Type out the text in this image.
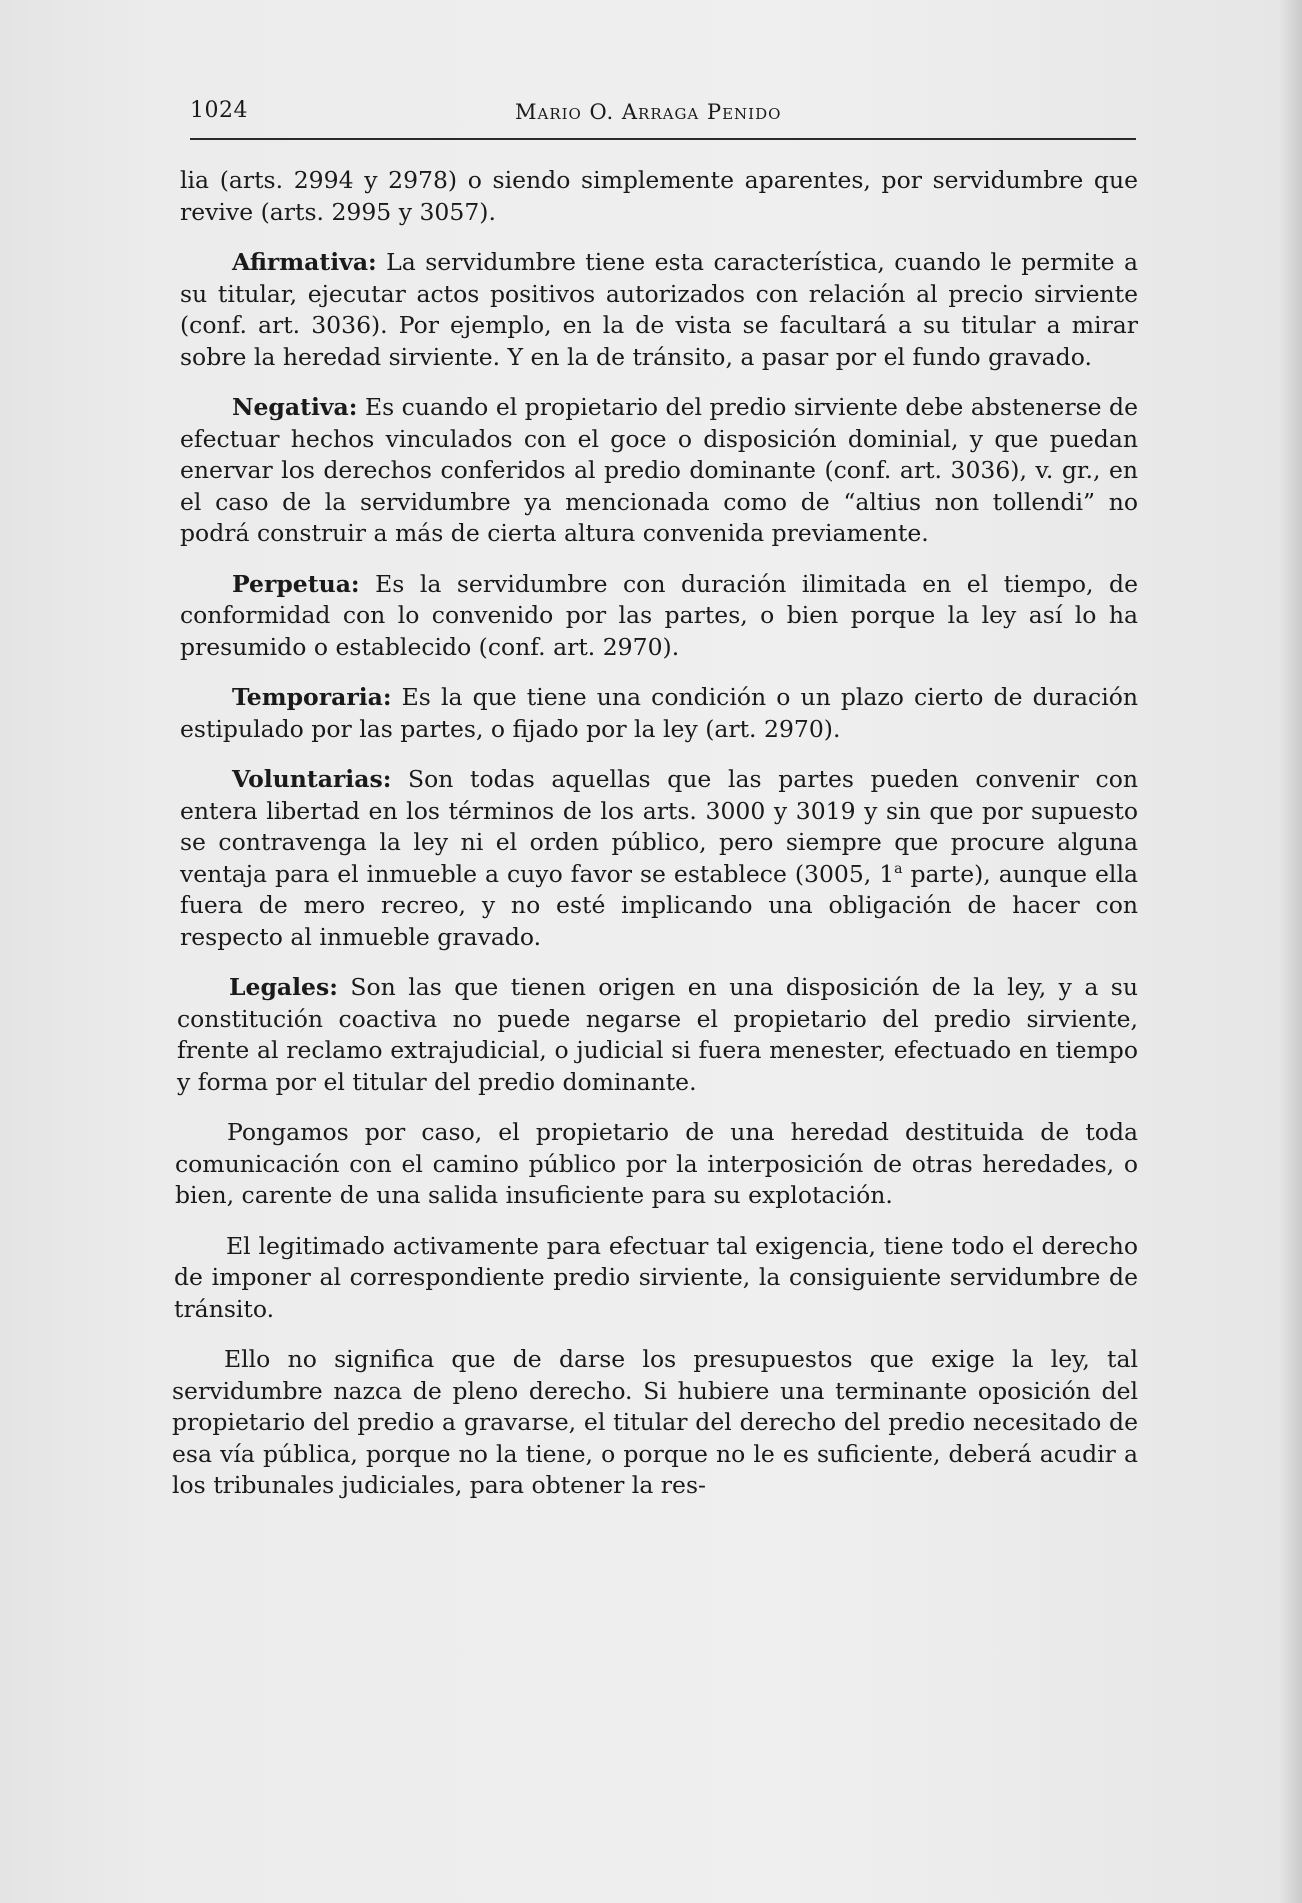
1024	Mario O. Arraga Penido

lia (arts. 2994 y 2978) o siendo simplemente aparentes, por servidumbre que revive (arts. 2995 y 3057).

Afirmativa: La servidumbre tiene esta característica, cuando le permite a su titular, ejecutar actos positivos autorizados con relación al precio sirviente (conf. art. 3036). Por ejemplo, en la de vista se facultará a su titular a mirar sobre la heredad sirviente. Y en la de tránsito, a pasar por el fundo gravado.

Negativa: Es cuando el propietario del predio sirviente debe abstenerse de efectuar hechos vinculados con el goce o disposición dominial, y que puedan enervar los derechos conferidos al predio dominante (conf. art. 3036), v. gr., en el caso de la servidumbre ya mencionada como de “altius non tollendi” no podrá construir a más de cierta altura convenida previamente.

Perpetua: Es la servidumbre con duración ilimitada en el tiempo, de conformidad con lo convenido por las partes, o bien porque la ley así lo ha presumido o establecido (conf. art. 2970).

Temporaria: Es la que tiene una condición o un plazo cierto de duración estipulado por las partes, o fijado por la ley (art. 2970).

Voluntarias: Son todas aquellas que las partes pueden convenir con entera libertad en los términos de los arts. 3000 y 3019 y sin que por supuesto se contravenga la ley ni el orden público, pero siempre que procure alguna ventaja para el inmueble a cuyo favor se establece (3005, 1$^a$ parte), aunque ella fuera de mero recreo, y no esté implicando una obligación de hacer con respecto al inmueble gravado.

Legales: Son las que tienen origen en una disposición de la ley, y a su constitución coactiva no puede negarse el propietario del predio sirviente, frente al reclamo extrajudicial, o judicial si fuera menester, efectuado en tiempo y forma por el titular del predio dominante.

Pongamos por caso, el propietario de una heredad destituida de toda comunicación con el camino público por la interposición de otras heredades, o bien, carente de una salida insuficiente para su explotación.

El legitimado activamente para efectuar tal exigencia, tiene todo el derecho de imponer al correspondiente predio sirviente, la consiguiente servidumbre de tránsito.

Ello no significa que de darse los presupuestos que exige la ley, tal servidumbre nazca de pleno derecho. Si hubiere una terminante oposición del propietario del predio a gravarse, el titular del derecho del predio necesitado de esa vía pública, porque no la tiene, o porque no le es suficiente, deberá acudir a los tribunales judiciales, para obtener la res-
